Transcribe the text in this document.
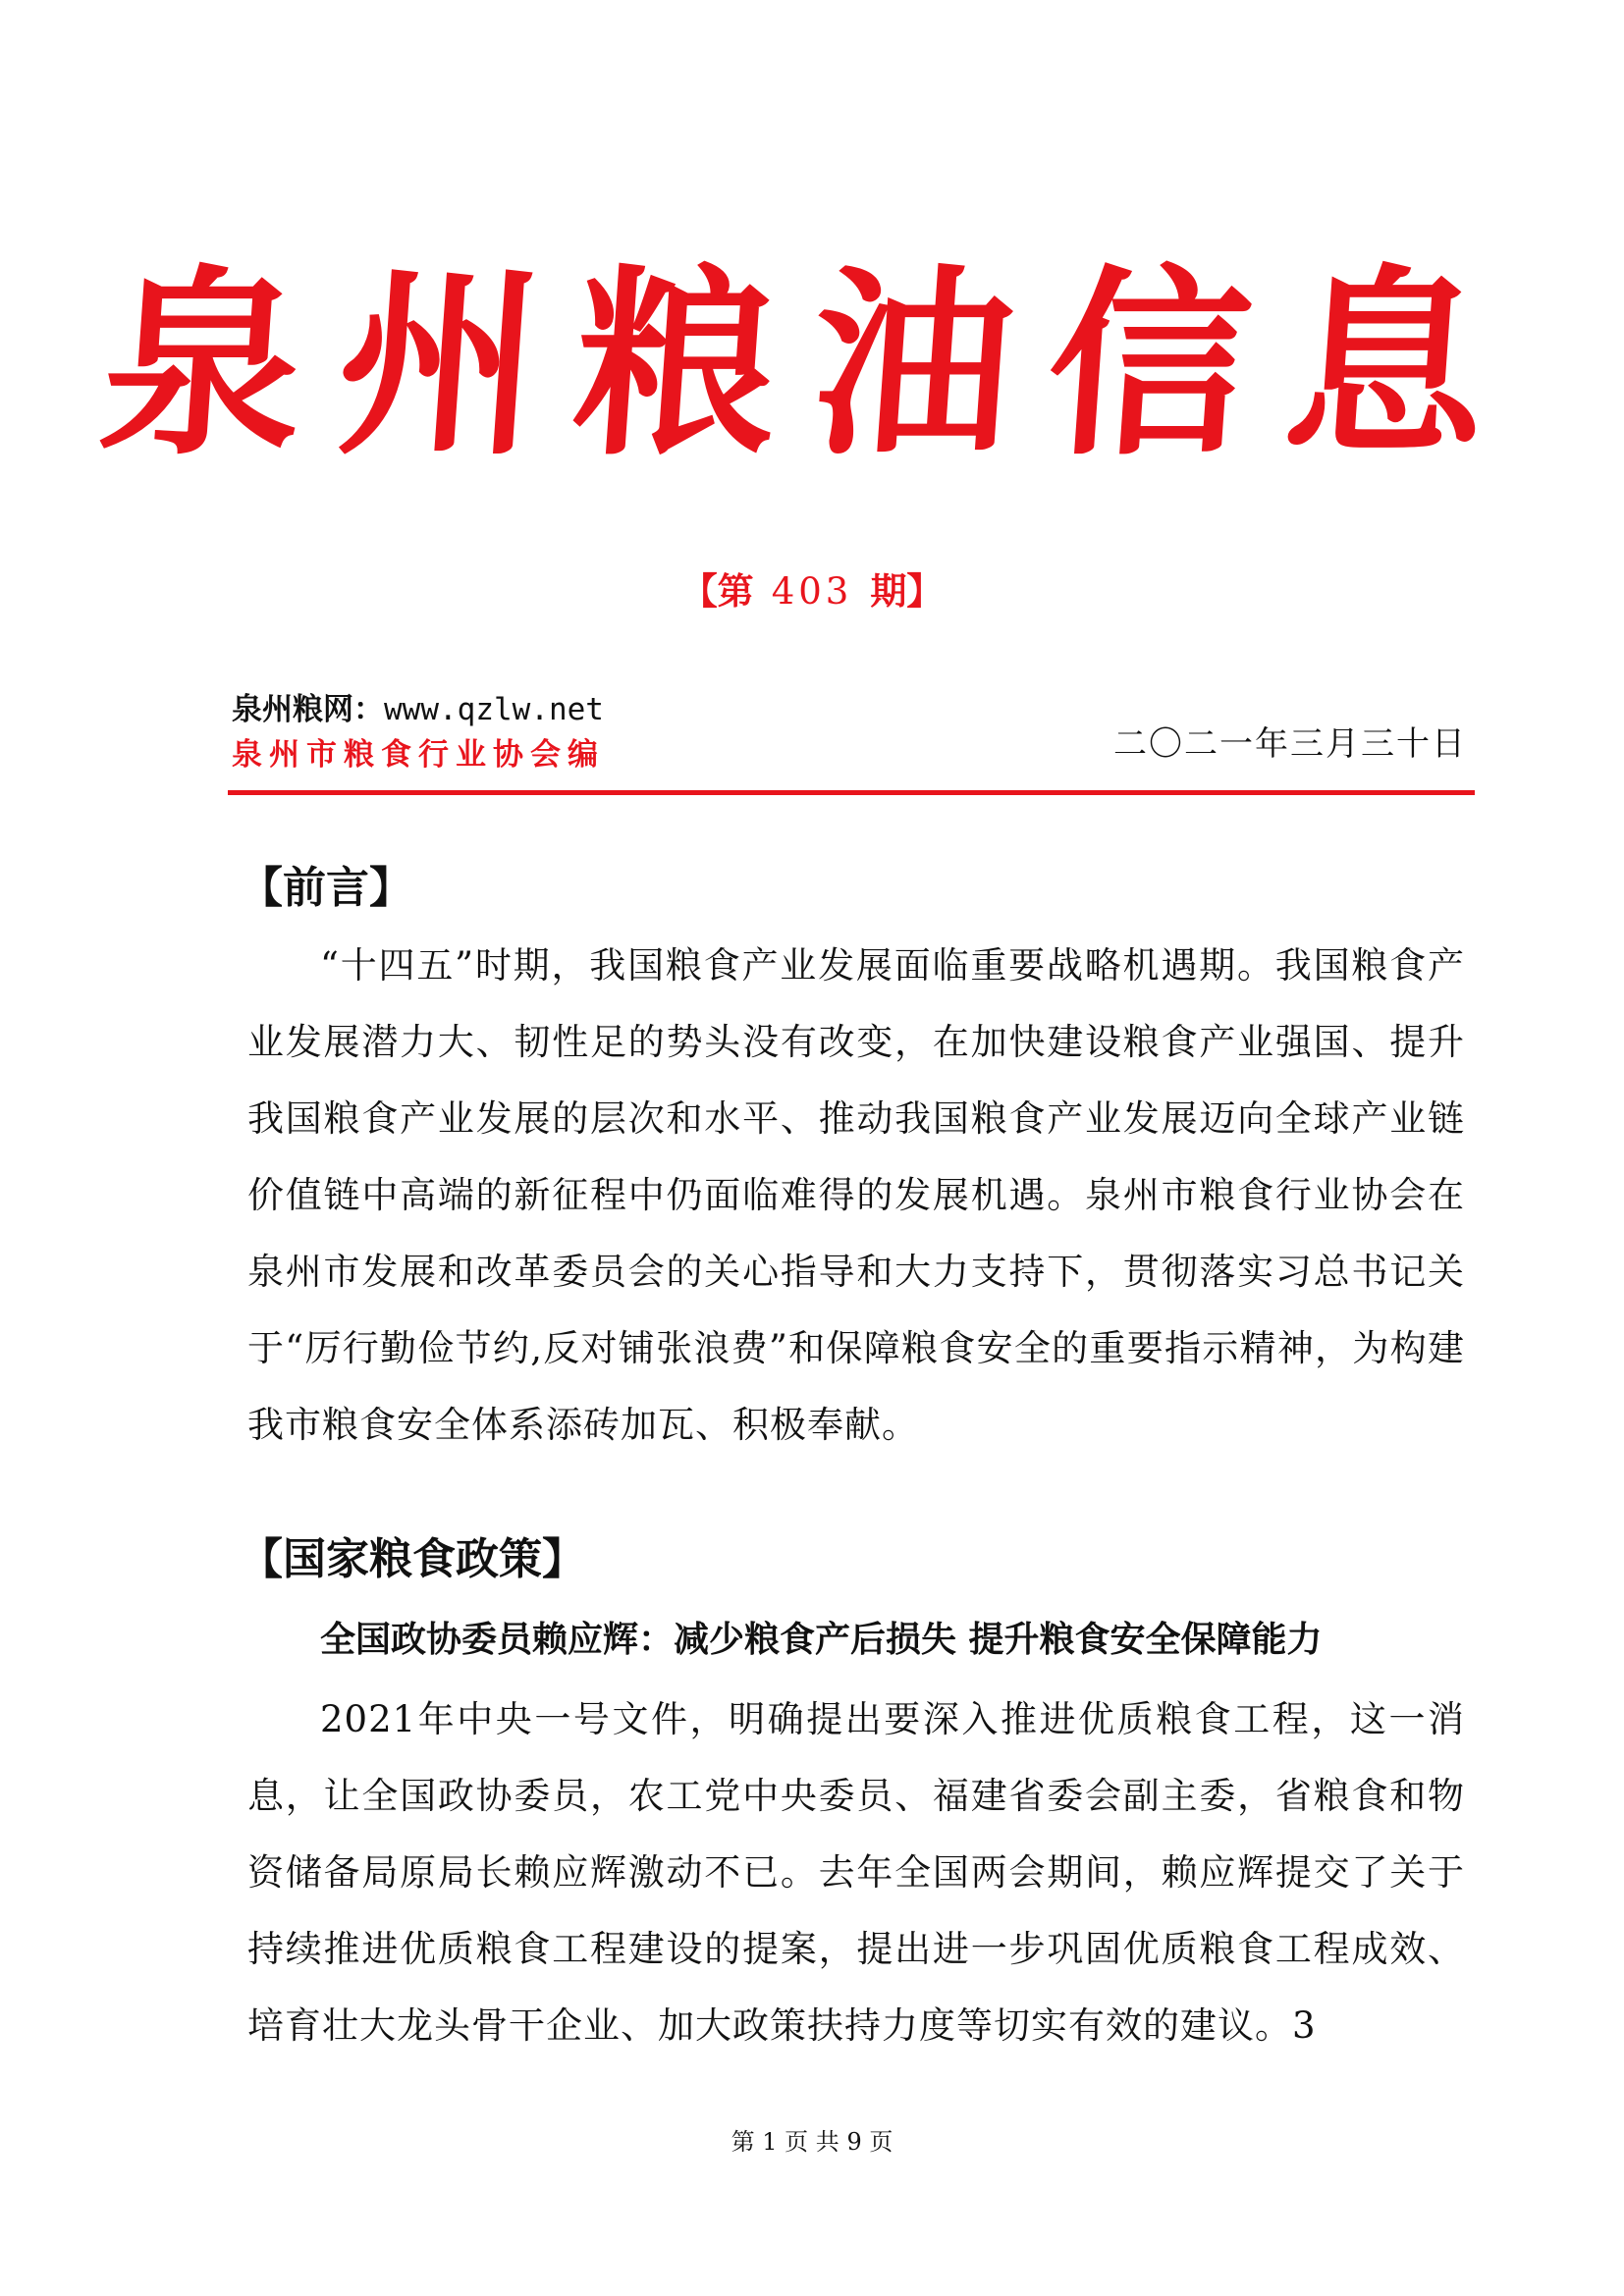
泉州粮油信息
【第 403 期】
泉州粮网：www.qzlw.net
泉州市粮食行业协会编	二〇二一年三月三十日
【前言】
“十四五”时期，我国粮食产业发展面临重要战略机遇期。我国粮食产业发展潜力大、韧性足的势头没有改变，在加快建设粮食产业强国、提升我国粮食产业发展的层次和水平、推动我国粮食产业发展迈向全球产业链价值链中高端的新征程中仍面临难得的发展机遇。泉州市粮食行业协会在泉州市发展和改革委员会的关心指导和大力支持下，贯彻落实习总书记关于“厉行勤俭节约,反对铺张浪费”和保障粮食安全的重要指示精神，为构建我市粮食安全体系添砖加瓦、积极奉献。
【国家粮食政策】
全国政协委员赖应辉：减少粮食产后损失 提升粮食安全保障能力
2021年中央一号文件，明确提出要深入推进优质粮食工程，这一消息，让全国政协委员，农工党中央委员、福建省委会副主委，省粮食和物资储备局原局长赖应辉激动不已。去年全国两会期间，赖应辉提交了关于持续推进优质粮食工程建设的提案，提出进一步巩固优质粮食工程成效、培育壮大龙头骨干企业、加大政策扶持力度等切实有效的建议。3
第 1 页 共 9 页
